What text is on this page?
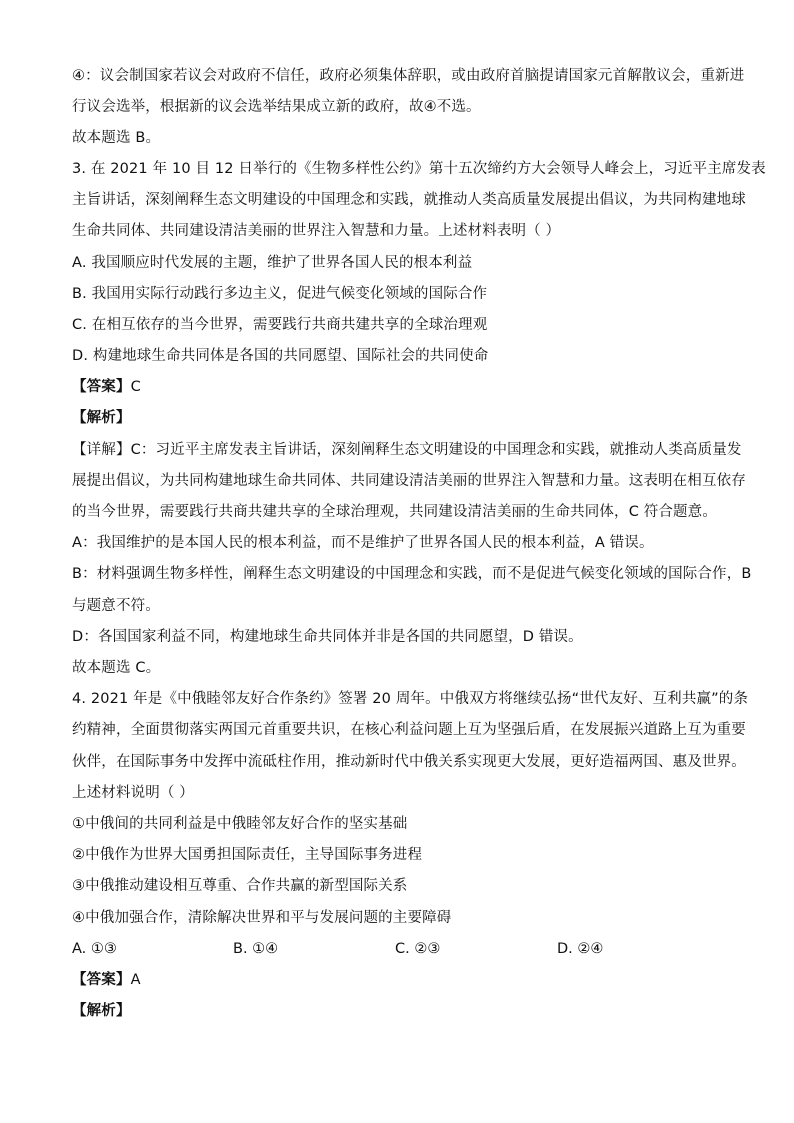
④：议会制国家若议会对政府不信任，政府必须集体辞职，或由政府首脑提请国家元首解散议会，重新进
行议会选举，根据新的议会选举结果成立新的政府，故④不选。
故本题选 B。
3. 在 2021 年 10 目 12 日举行的《生物多样性公约》第十五次缔约方大会领导人峰会上，习近平主席发表
主旨讲话，深刻阐释生态文明建设的中国理念和实践，就推动人类高质量发展提出倡议，为共同构建地球
生命共同体、共同建设清洁美丽的世界注入智慧和力量。上述材料表明（ ）
A. 我国顺应时代发展的主题，维护了世界各国人民的根本利益
B. 我国用实际行动践行多边主义，促进气候变化领域的国际合作
C. 在相互依存的当今世界，需要践行共商共建共享的全球治理观
D. 构建地球生命共同体是各国的共同愿望、国际社会的共同使命
【答案】C
【解析】
【详解】C：习近平主席发表主旨讲话，深刻阐释生态文明建设的中国理念和实践，就推动人类高质量发
展提出倡议，为共同构建地球生命共同体、共同建设清洁美丽的世界注入智慧和力量。这表明在相互依存
的当今世界，需要践行共商共建共享的全球治理观，共同建设清洁美丽的生命共同体，C 符合题意。
A：我国维护的是本国人民的根本利益，而不是维护了世界各国人民的根本利益，A 错误。
B：材料强调生物多样性，阐释生态文明建设的中国理念和实践，而不是促进气候变化领域的国际合作，B
与题意不符。
D：各国国家利益不同，构建地球生命共同体并非是各国的共同愿望，D 错误。
故本题选 C。
4. 2021 年是《中俄睦邻友好合作条约》签署 20 周年。中俄双方将继续弘扬“世代友好、互利共赢”的条
约精神，全面贯彻落实两国元首重要共识，在核心利益问题上互为坚强后盾，在发展振兴道路上互为重要
伙伴，在国际事务中发挥中流砥柱作用，推动新时代中俄关系实现更大发展，更好造福两国、惠及世界。
上述材料说明（ ）
①中俄间的共同利益是中俄睦邻友好合作的坚实基础
②中俄作为世界大国勇担国际责任，主导国际事务进程
③中俄推动建设相互尊重、合作共赢的新型国际关系
④中俄加强合作，清除解决世界和平与发展问题的主要障碍
A. ①③	B. ①④	C. ②③	D. ②④
【答案】A
【解析】
